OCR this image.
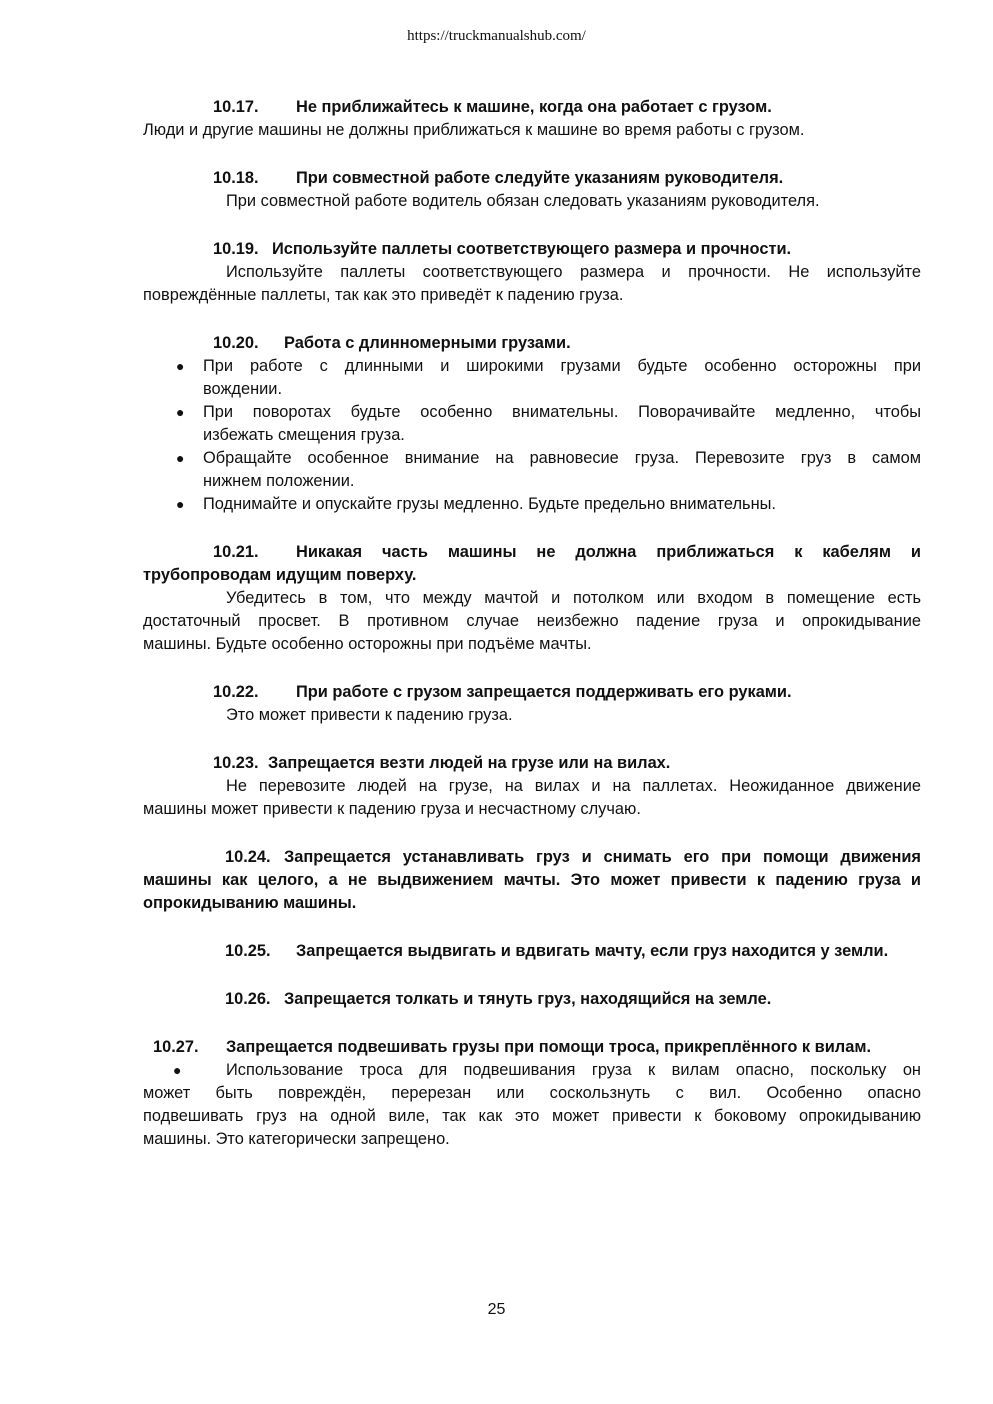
https://truckmanualshub.com/
10.17. Не приближайтесь к машине, когда она работает с грузом.
Люди и другие машины не должны приближаться к машине во время работы с грузом.
10.18. При совместной работе следуйте указаниям руководителя.
При совместной работе водитель обязан следовать указаниям руководителя.
10.19. Используйте паллеты соответствующего размера и прочности.
Используйте паллеты соответствующего размера и прочности. Не используйте
повреждённые паллеты, так как это приведёт к падению груза.
10.20. Работа с длинномерными грузами.
● При работе с длинными и широкими грузами будьте особенно осторожны при
вождении.
● При поворотах будьте особенно внимательны. Поворачивайте медленно, чтобы
избежать смещения груза.
● Обращайте особенное внимание на равновесие груза. Перевозите груз в самом
нижнем положении.
● Поднимайте и опускайте грузы медленно. Будьте предельно внимательны.
10.21. Никакая часть машины не должна приближаться к кабелям и
трубопроводам идущим поверху.
Убедитесь в том, что между мачтой и потолком или входом в помещение есть
достаточный просвет. В противном случае неизбежно падение груза и опрокидывание
машины. Будьте особенно осторожны при подъёме мачты.
10.22. При работе с грузом запрещается поддерживать его руками.
Это может привести к падению груза.
10.23. Запрещается везти людей на грузе или на вилах.
Не перевозите людей на грузе, на вилах и на паллетах. Неожиданное движение
машины может привести к падению груза и несчастному случаю.
10.24. Запрещается устанавливать груз и снимать его при помощи движения
машины как целого, а не выдвижением мачты. Это может привести к падению груза и
опрокидыванию машины.
10.25. Запрещается выдвигать и вдвигать мачту, если груз находится у земли.
10.26. Запрещается толкать и тянуть груз, находящийся на земле.
10.27. Запрещается подвешивать грузы при помощи троса, прикреплённого к вилам.
●	Использование троса для подвешивания груза к вилам опасно, поскольку он
может быть повреждён, перерезан или соскользнуть с вил. Особенно опасно
подвешивать груз на одной виле, так как это может привести к боковому опрокидыванию
машины. Это категорически запрещено.
25
